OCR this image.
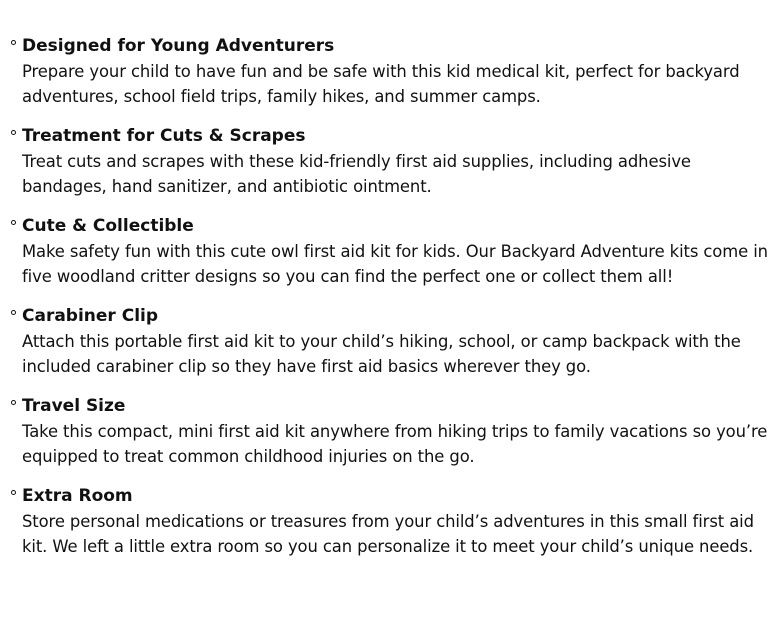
Designed for Young Adventurers

Prepare your child to have fun and be safe with this kid medical kit, perfect for backyard adventures, school field trips, family hikes, and summer camps.

Treatment for Cuts & Scrapes

Treat cuts and scrapes with these kid-friendly first aid supplies, including adhesive bandages, hand sanitizer, and antibiotic ointment.

Cute & Collectible

Make safety fun with this cute owl first aid kit for kids. Our Backyard Adventure kits come in five woodland critter designs so you can find the perfect one or collect them all!

Carabiner Clip

Attach this portable first aid kit to your child’s hiking, school, or camp backpack with the included carabiner clip so they have first aid basics wherever they go.

Travel Size

Take this compact, mini first aid kit anywhere from hiking trips to family vacations so you’re equipped to treat common childhood injuries on the go.

Extra Room

Store personal medications or treasures from your child’s adventures in this small first aid kit. We left a little extra room so you can personalize it to meet your child’s unique needs.
